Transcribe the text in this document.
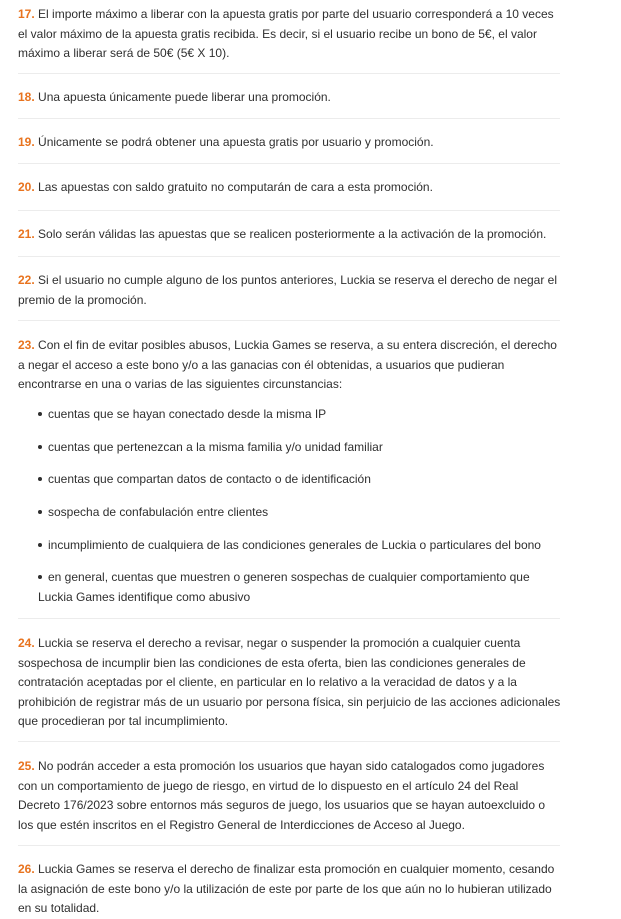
17. El importe máximo a liberar con la apuesta gratis por parte del usuario corresponderá a 10 veces el valor máximo de la apuesta gratis recibida. Es decir, si el usuario recibe un bono de 5€, el valor máximo a liberar será de 50€ (5€ X 10).
18. Una apuesta únicamente puede liberar una promoción.
19. Únicamente se podrá obtener una apuesta gratis por usuario y promoción.
20. Las apuestas con saldo gratuito no computarán de cara a esta promoción.
21. Solo serán válidas las apuestas que se realicen posteriormente a la activación de la promoción.
22. Si el usuario no cumple alguno de los puntos anteriores, Luckia se reserva el derecho de negar el premio de la promoción.
23. Con el fin de evitar posibles abusos, Luckia Games se reserva, a su entera discreción, el derecho a negar el acceso a este bono y/o a las ganacias con él obtenidas, a usuarios que pudieran encontrarse en una o varias de las siguientes circunstancias:
cuentas que se hayan conectado desde la misma IP
cuentas que pertenezcan a la misma familia y/o unidad familiar
cuentas que compartan datos de contacto o de identificación
sospecha de confabulación entre clientes
incumplimiento de cualquiera de las condiciones generales de Luckia o particulares del bono
en general, cuentas que muestren o generen sospechas de cualquier comportamiento que Luckia Games identifique como abusivo
24. Luckia se reserva el derecho a revisar, negar o suspender la promoción a cualquier cuenta sospechosa de incumplir bien las condiciones de esta oferta, bien las condiciones generales de contratación aceptadas por el cliente, en particular en lo relativo a la veracidad de datos y a la prohibición de registrar más de un usuario por persona física, sin perjuicio de las acciones adicionales que procedieran por tal incumplimiento.
25. No podrán acceder a esta promoción los usuarios que hayan sido catalogados como jugadores con un comportamiento de juego de riesgo, en virtud de lo dispuesto en el artículo 24 del Real Decreto 176/2023 sobre entornos más seguros de juego, los usuarios que se hayan autoexcluido o los que estén inscritos en el Registro General de Interdicciones de Acceso al Juego.
26. Luckia Games se reserva el derecho de finalizar esta promoción en cualquier momento, cesando la asignación de este bono y/o la utilización de este por parte de los que aún no lo hubieran utilizado en su totalidad.
